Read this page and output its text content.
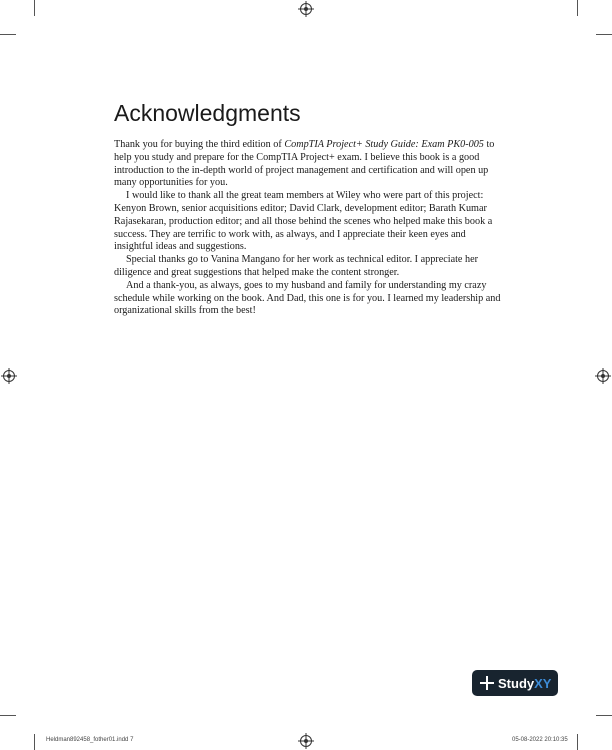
Acknowledgments

Thank you for buying the third edition of CompTIA Project+ Study Guide: Exam PK0-005 to help you study and prepare for the CompTIA Project+ exam. I believe this book is a good introduction to the in-depth world of project management and certification and will open up many opportunities for you.

I would like to thank all the great team members at Wiley who were part of this project: Kenyon Brown, senior acquisitions editor; David Clark, development editor; Barath Kumar Rajasekaran, production editor; and all those behind the scenes who helped make this book a success. They are terrific to work with, as always, and I appreciate their keen eyes and insightful ideas and suggestions.

Special thanks go to Vanina Mangano for her work as technical editor. I appreciate her diligence and great suggestions that helped make the content stronger.

And a thank-you, as always, goes to my husband and family for understanding my crazy schedule while working on the book. And Dad, this one is for you. I learned my leadership and organizational skills from the best!

Study XY
Heldman892458_fother01.indd 7	05-08-2022 20:10:35
